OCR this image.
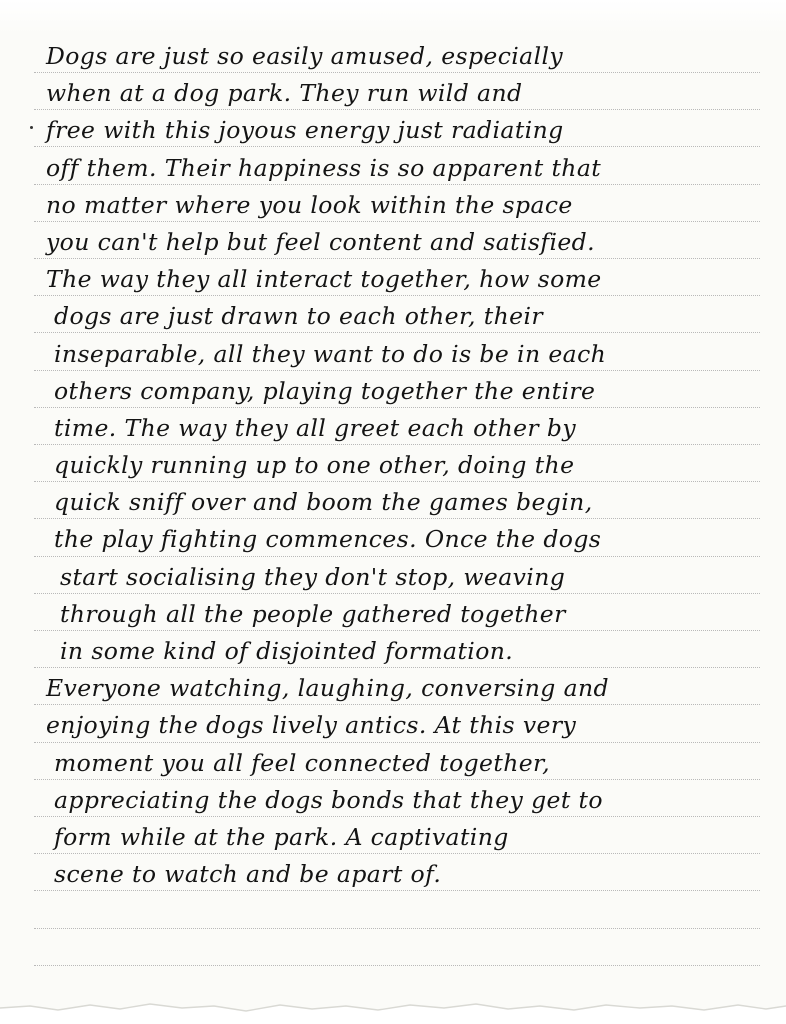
Dogs are just so easily amused, especially
when at a dog park. They run wild and
free with this joyous energy just radiating
off them. Their happiness is so apparent that
no matter where you look within the space
you can't help but feel content and satisfied.
The way they all interact together, how some
dogs are just drawn to each other, their
inseparable, all they want to do is be in each
others company, playing together the entire
time. The way they all greet each other by
quickly running up to one other, doing the
quick sniff over and boom the games begin,
the play fighting commences. Once the dogs
start socialising they don't stop, weaving
through all the people gathered together
in some kind of disjointed formation.
Everyone watching, laughing, conversing and
enjoying the dogs lively antics. At this very
moment you all feel connected together,
appreciating the dogs bonds that they get to
form while at the park. A captivating
scene to watch and be apart of.
